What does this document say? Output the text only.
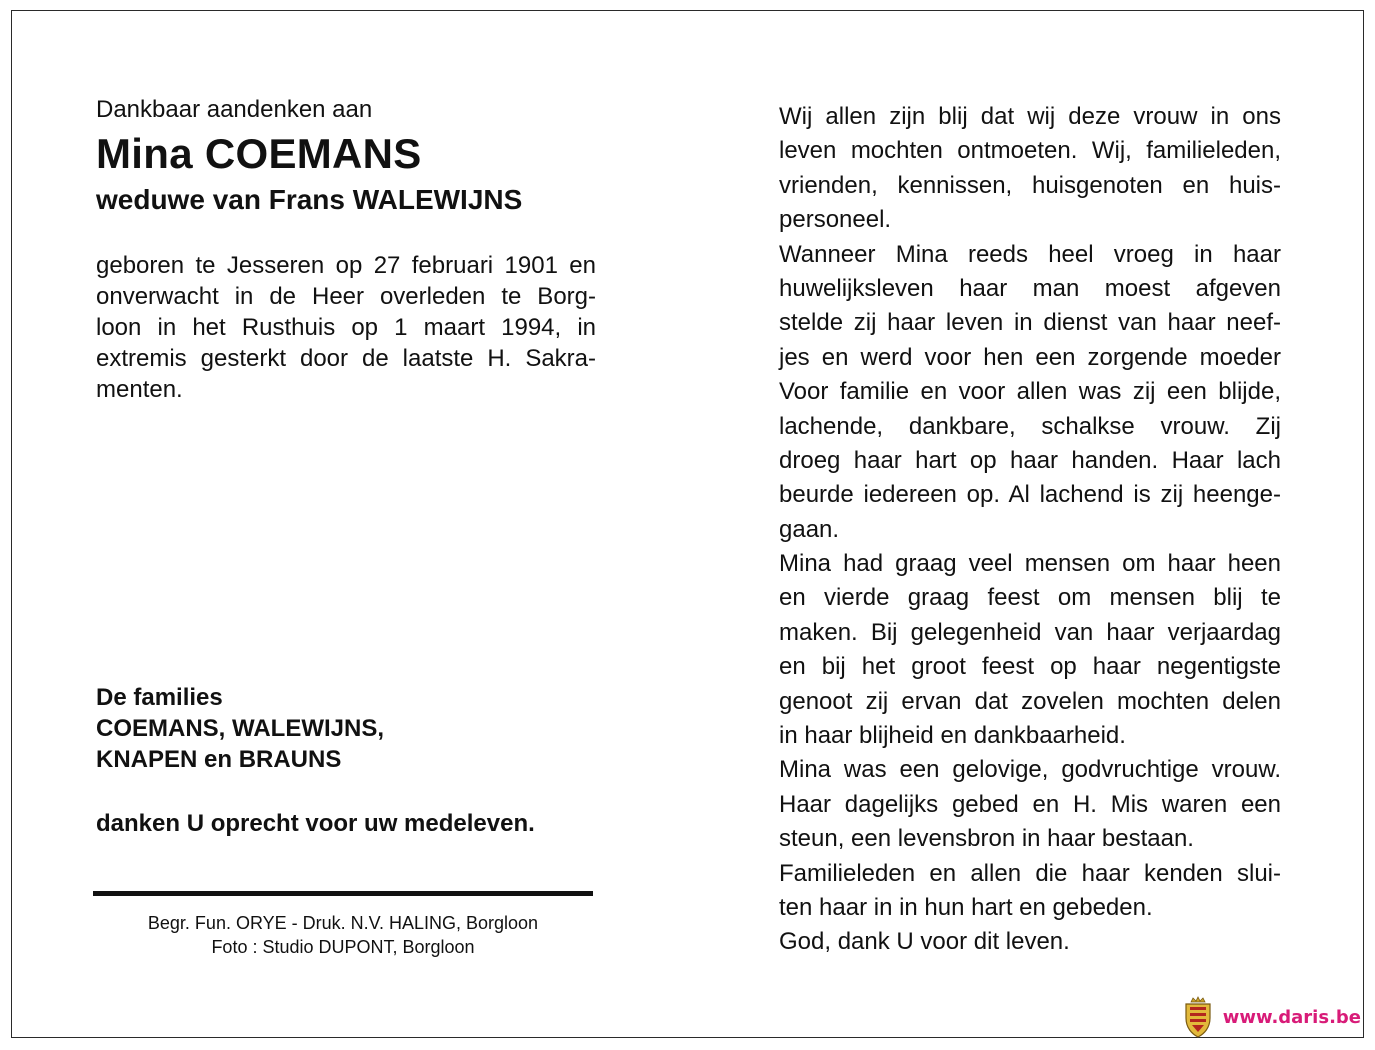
Dankbaar aandenken aan

Mina COEMANS

weduwe van Frans WALEWIJNS

geboren te Jesseren op 27 februari 1901 en
onverwacht in de Heer overleden te Borg-
loon in het Rusthuis op 1 maart 1994, in
extremis gesterkt door de laatste H. Sakra-
menten.
De families
COEMANS, WALEWIJNS,
KNAPEN en BRAUNS
danken U oprecht voor uw medeleven.
Begr. Fun. ORYE - Druk. N.V. HALING, Borgloon
Foto : Studio DUPONT, Borgloon
Wij allen zijn blij dat wij deze vrouw in ons
leven mochten ontmoeten. Wij, familieleden,
vrienden, kennissen, huisgenoten en huis-
personeel.
Wanneer Mina reeds heel vroeg in haar
huwelijksleven haar man moest afgeven
stelde zij haar leven in dienst van haar neef-
jes en werd voor hen een zorgende moeder
Voor familie en voor allen was zij een blijde,
lachende, dankbare, schalkse vrouw. Zij
droeg haar hart op haar handen. Haar lach
beurde iedereen op. Al lachend is zij heenge-
gaan.
Mina had graag veel mensen om haar heen
en vierde graag feest om mensen blij te
maken. Bij gelegenheid van haar verjaardag
en bij het groot feest op haar negentigste
genoot zij ervan dat zovelen mochten delen
in haar blijheid en dankbaarheid.
Mina was een gelovige, godvruchtige vrouw.
Haar dagelijks gebed en H. Mis waren een
steun, een levensbron in haar bestaan.
Familieleden en allen die haar kenden slui-
ten haar in in hun hart en gebeden.
God, dank U voor dit leven.
www.daris.be
